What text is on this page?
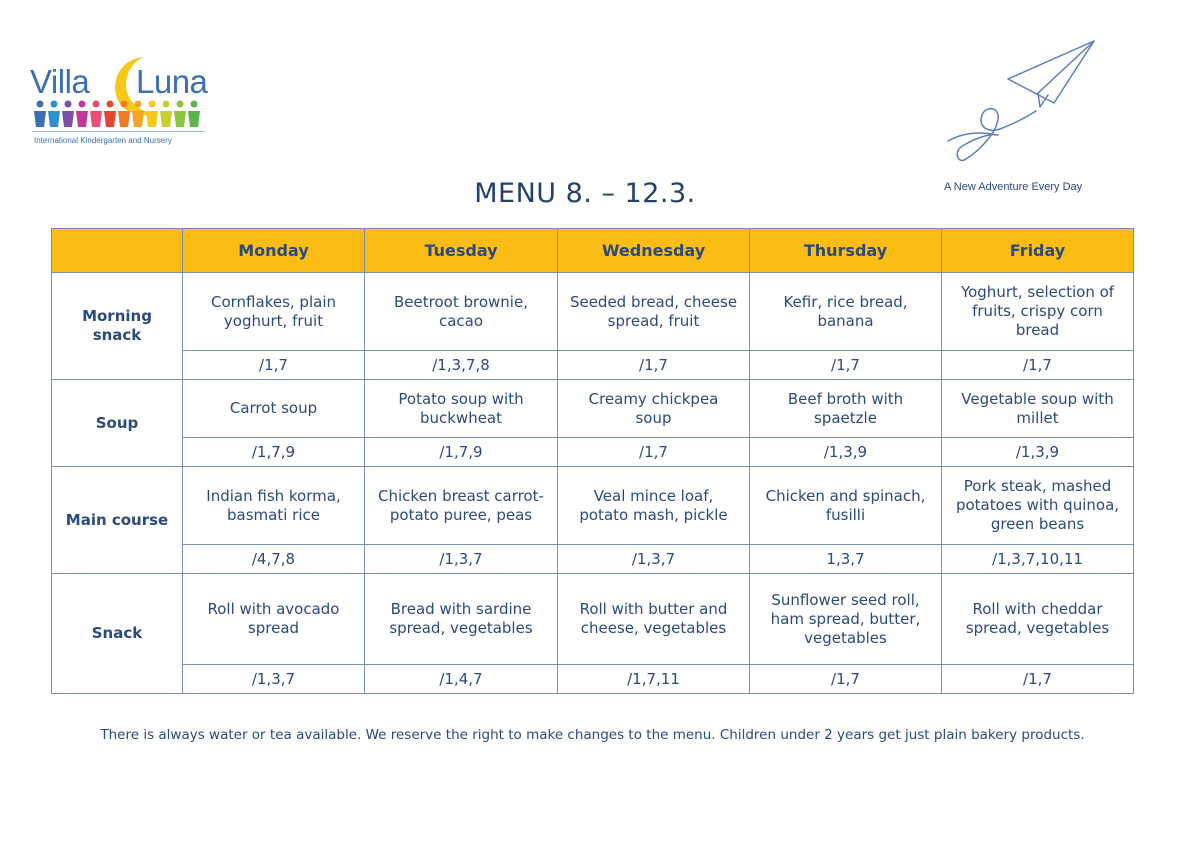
Villa Luna
International Kindergarten and Nursery
A New Adventure Every Day
MENU 8. – 12.3.
	Monday	Tuesday	Wednesday	Thursday	Friday
Morning snack	Cornflakes, plain yoghurt, fruit	Beetroot brownie, cacao	Seeded bread, cheese spread, fruit	Kefir, rice bread, banana	Yoghurt, selection of fruits, crispy corn bread
	/1,7	/1,3,7,8	/1,7	/1,7	/1,7
Soup	Carrot soup	Potato soup with buckwheat	Creamy chickpea soup	Beef broth with spaetzle	Vegetable soup with millet
	/1,7,9	/1,7,9	/1,7	/1,3,9	/1,3,9
Main course	Indian fish korma, basmati rice	Chicken breast carrot-potato puree, peas	Veal mince loaf, potato mash, pickle	Chicken and spinach, fusilli	Pork steak, mashed potatoes with quinoa, green beans
	/4,7,8	/1,3,7	/1,3,7	1,3,7	/1,3,7,10,11
Snack	Roll with avocado spread	Bread with sardine spread, vegetables	Roll with butter and cheese, vegetables	Sunflower seed roll, ham spread, butter, vegetables	Roll with cheddar spread, vegetables
	/1,3,7	/1,4,7	/1,7,11	/1,7	/1,7
There is always water or tea available. We reserve the right to make changes to the menu. Children under 2 years get just plain bakery products.
